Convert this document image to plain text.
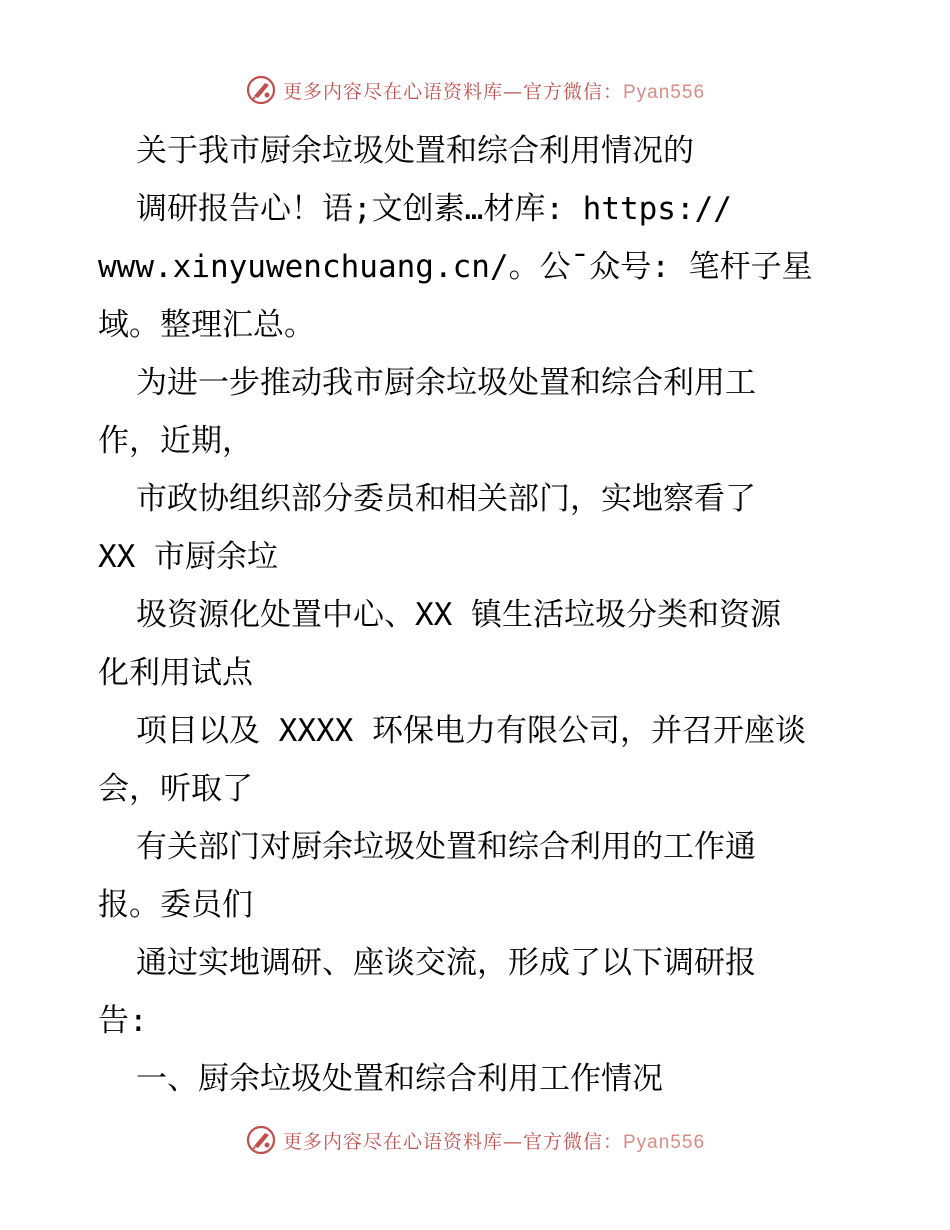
更多内容尽在心语资料库—官方微信：Pyan556

关于我市厨余垃圾处置和综合利用情况的

调研报告心！语;文创素…材库: https://

www.xinyuwenchuang.cn/。公¯众号: 笔杆子星

域。整理汇总。

为进一步推动我市厨余垃圾处置和综合利用工

作，近期，

市政协组织部分委员和相关部门，实地察看了

XX 市厨余垃

圾资源化处置中心、XX 镇生活垃圾分类和资源

化利用试点

项目以及 XXXX 环保电力有限公司，并召开座谈

会，听取了

有关部门对厨余垃圾处置和综合利用的工作通

报。委员们

通过实地调研、座谈交流，形成了以下调研报

告:

一、厨余垃圾处置和综合利用工作情况

更多内容尽在心语资料库—官方微信：Pyan556
